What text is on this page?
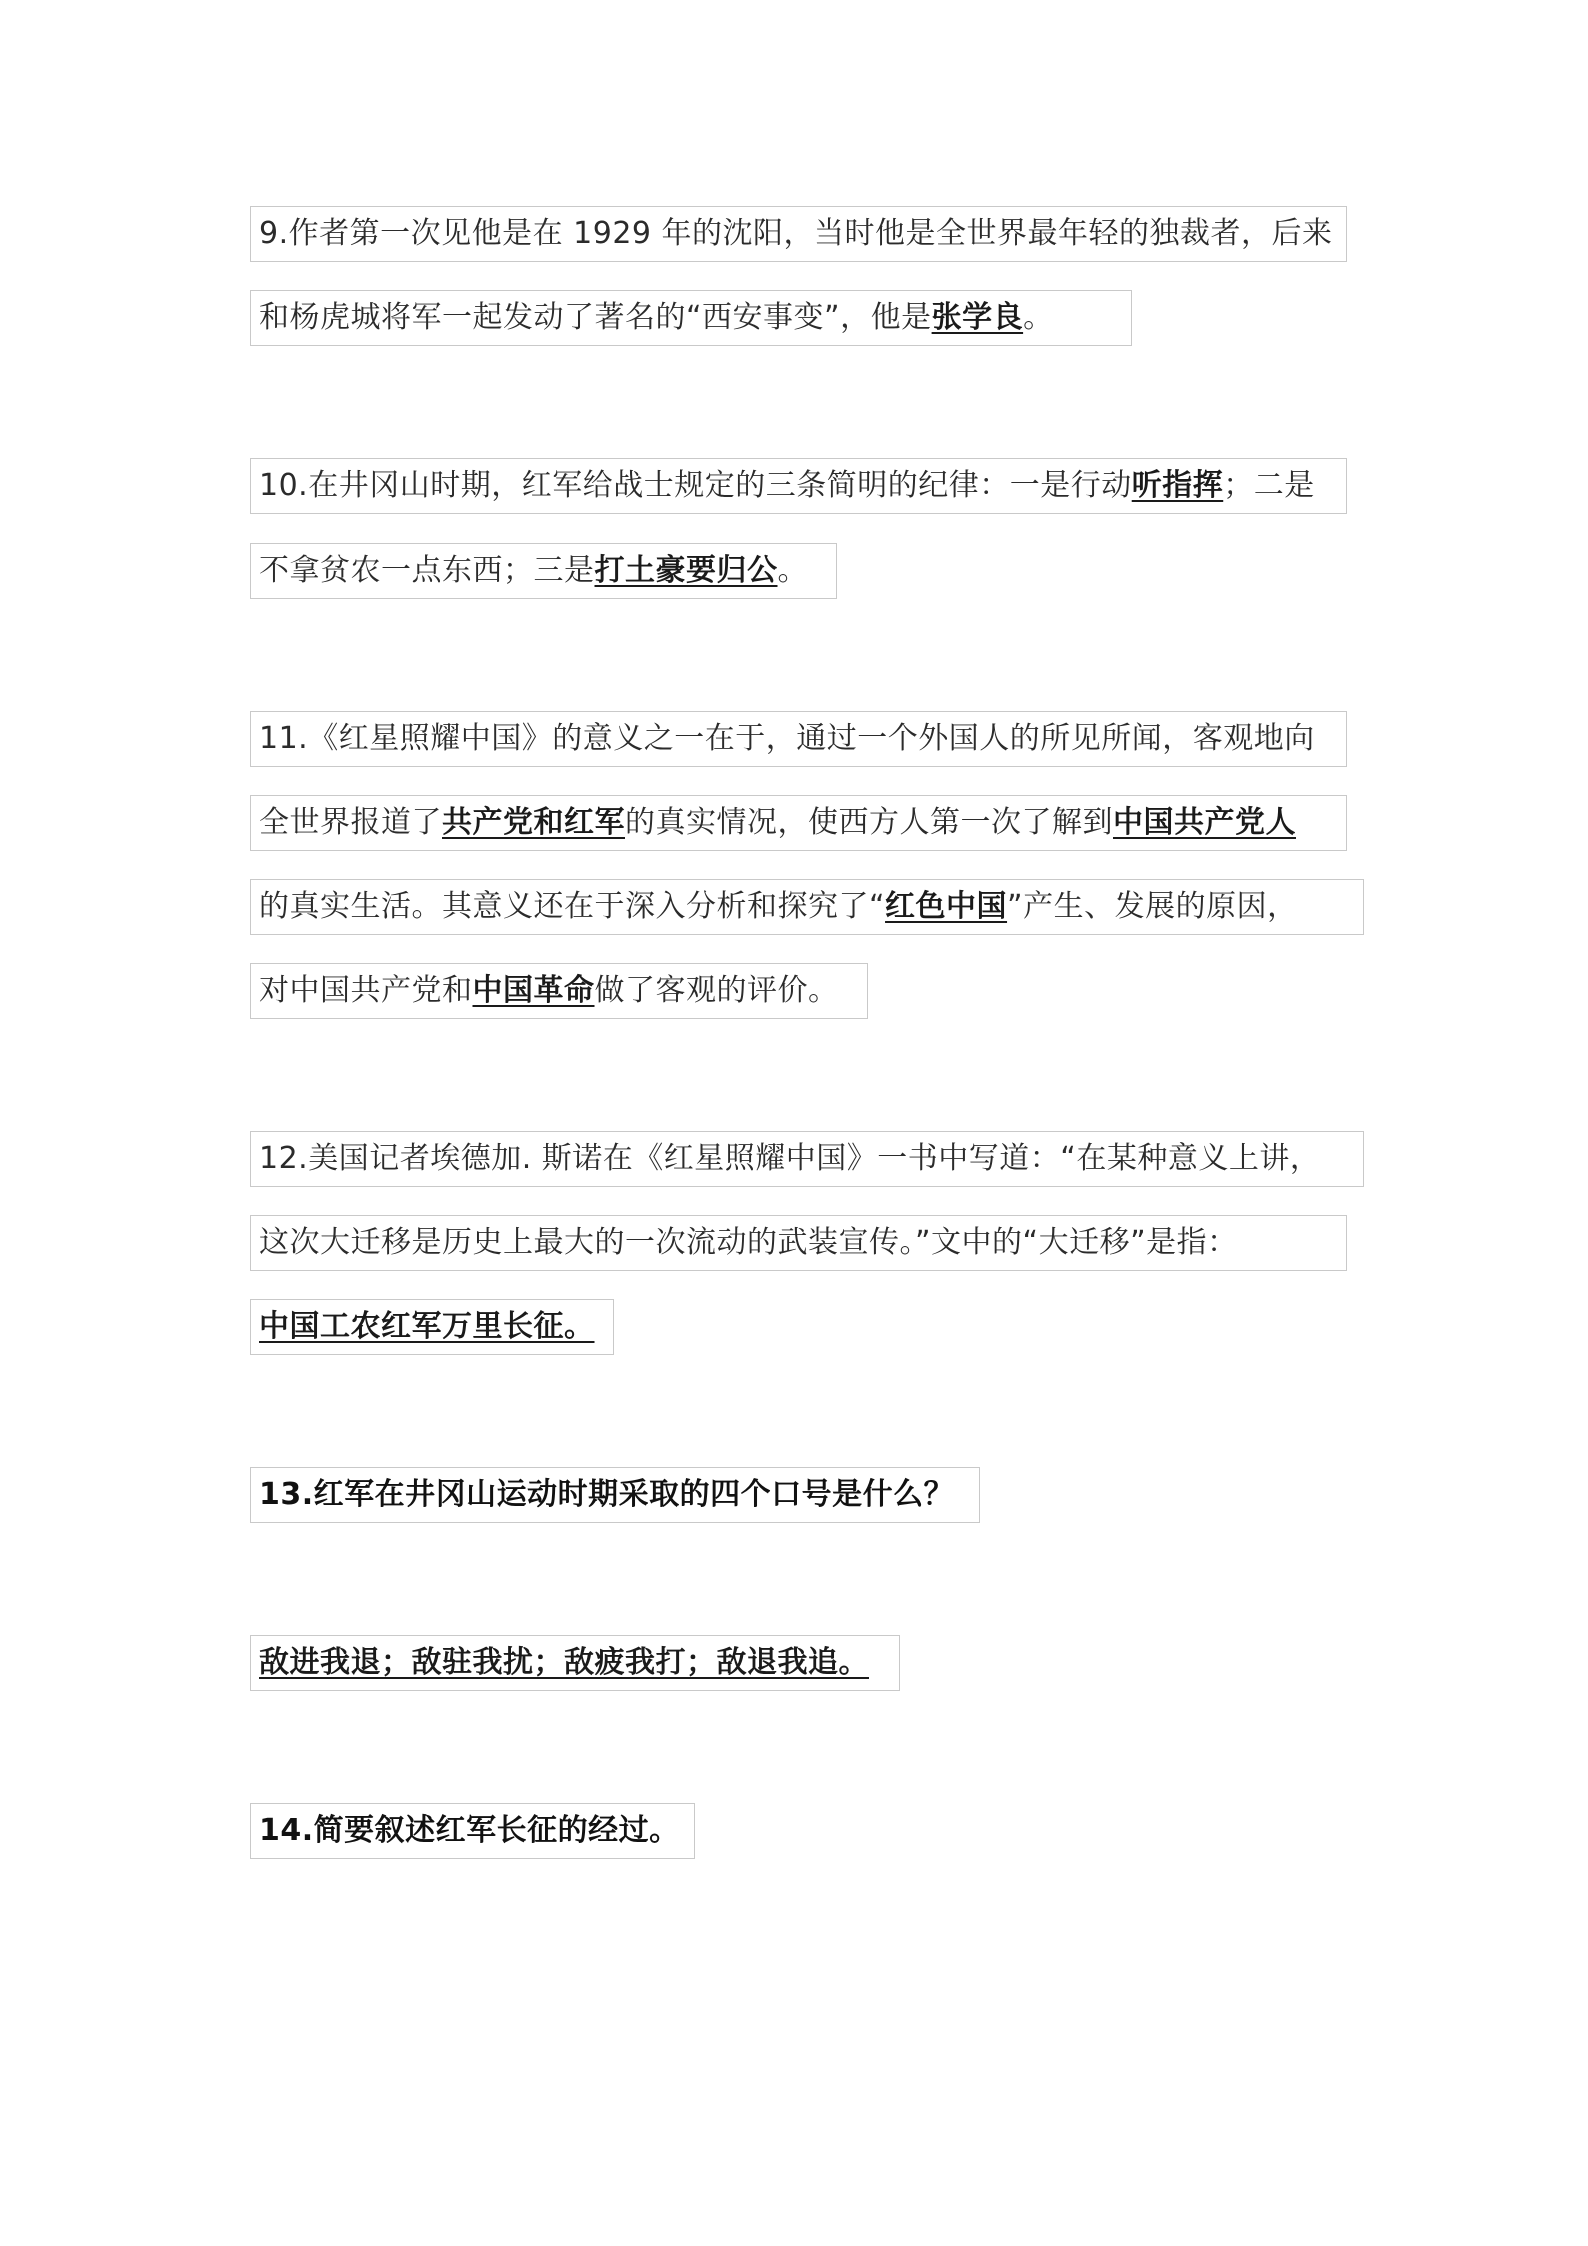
9.作者第一次见他是在 1929 年的沈阳，当时他是全世界最年轻的独裁者，后来
和杨虎城将军一起发动了著名的“西安事变”，他是张学良。
10.在井冈山时期，红军给战士规定的三条简明的纪律：一是行动听指挥；二是
不拿贫农一点东西；三是打土豪要归公。
11.《红星照耀中国》的意义之一在于，通过一个外国人的所见所闻，客观地向
全世界报道了共产党和红军的真实情况，使西方人第一次了解到中国共产党人
的真实生活。其意义还在于深入分析和探究了“红色中国”产生、发展的原因，
对中国共产党和中国革命做了客观的评价。
12.美国记者埃德加. 斯诺在《红星照耀中国》一书中写道：“在某种意义上讲，
这次大迁移是历史上最大的一次流动的武装宣传。”文中的“大迁移”是指：
中国工农红军万里长征。
13.红军在井冈山运动时期采取的四个口号是什么？
敌进我退；敌驻我扰；敌疲我打；敌退我追。
14.简要叙述红军长征的经过。
